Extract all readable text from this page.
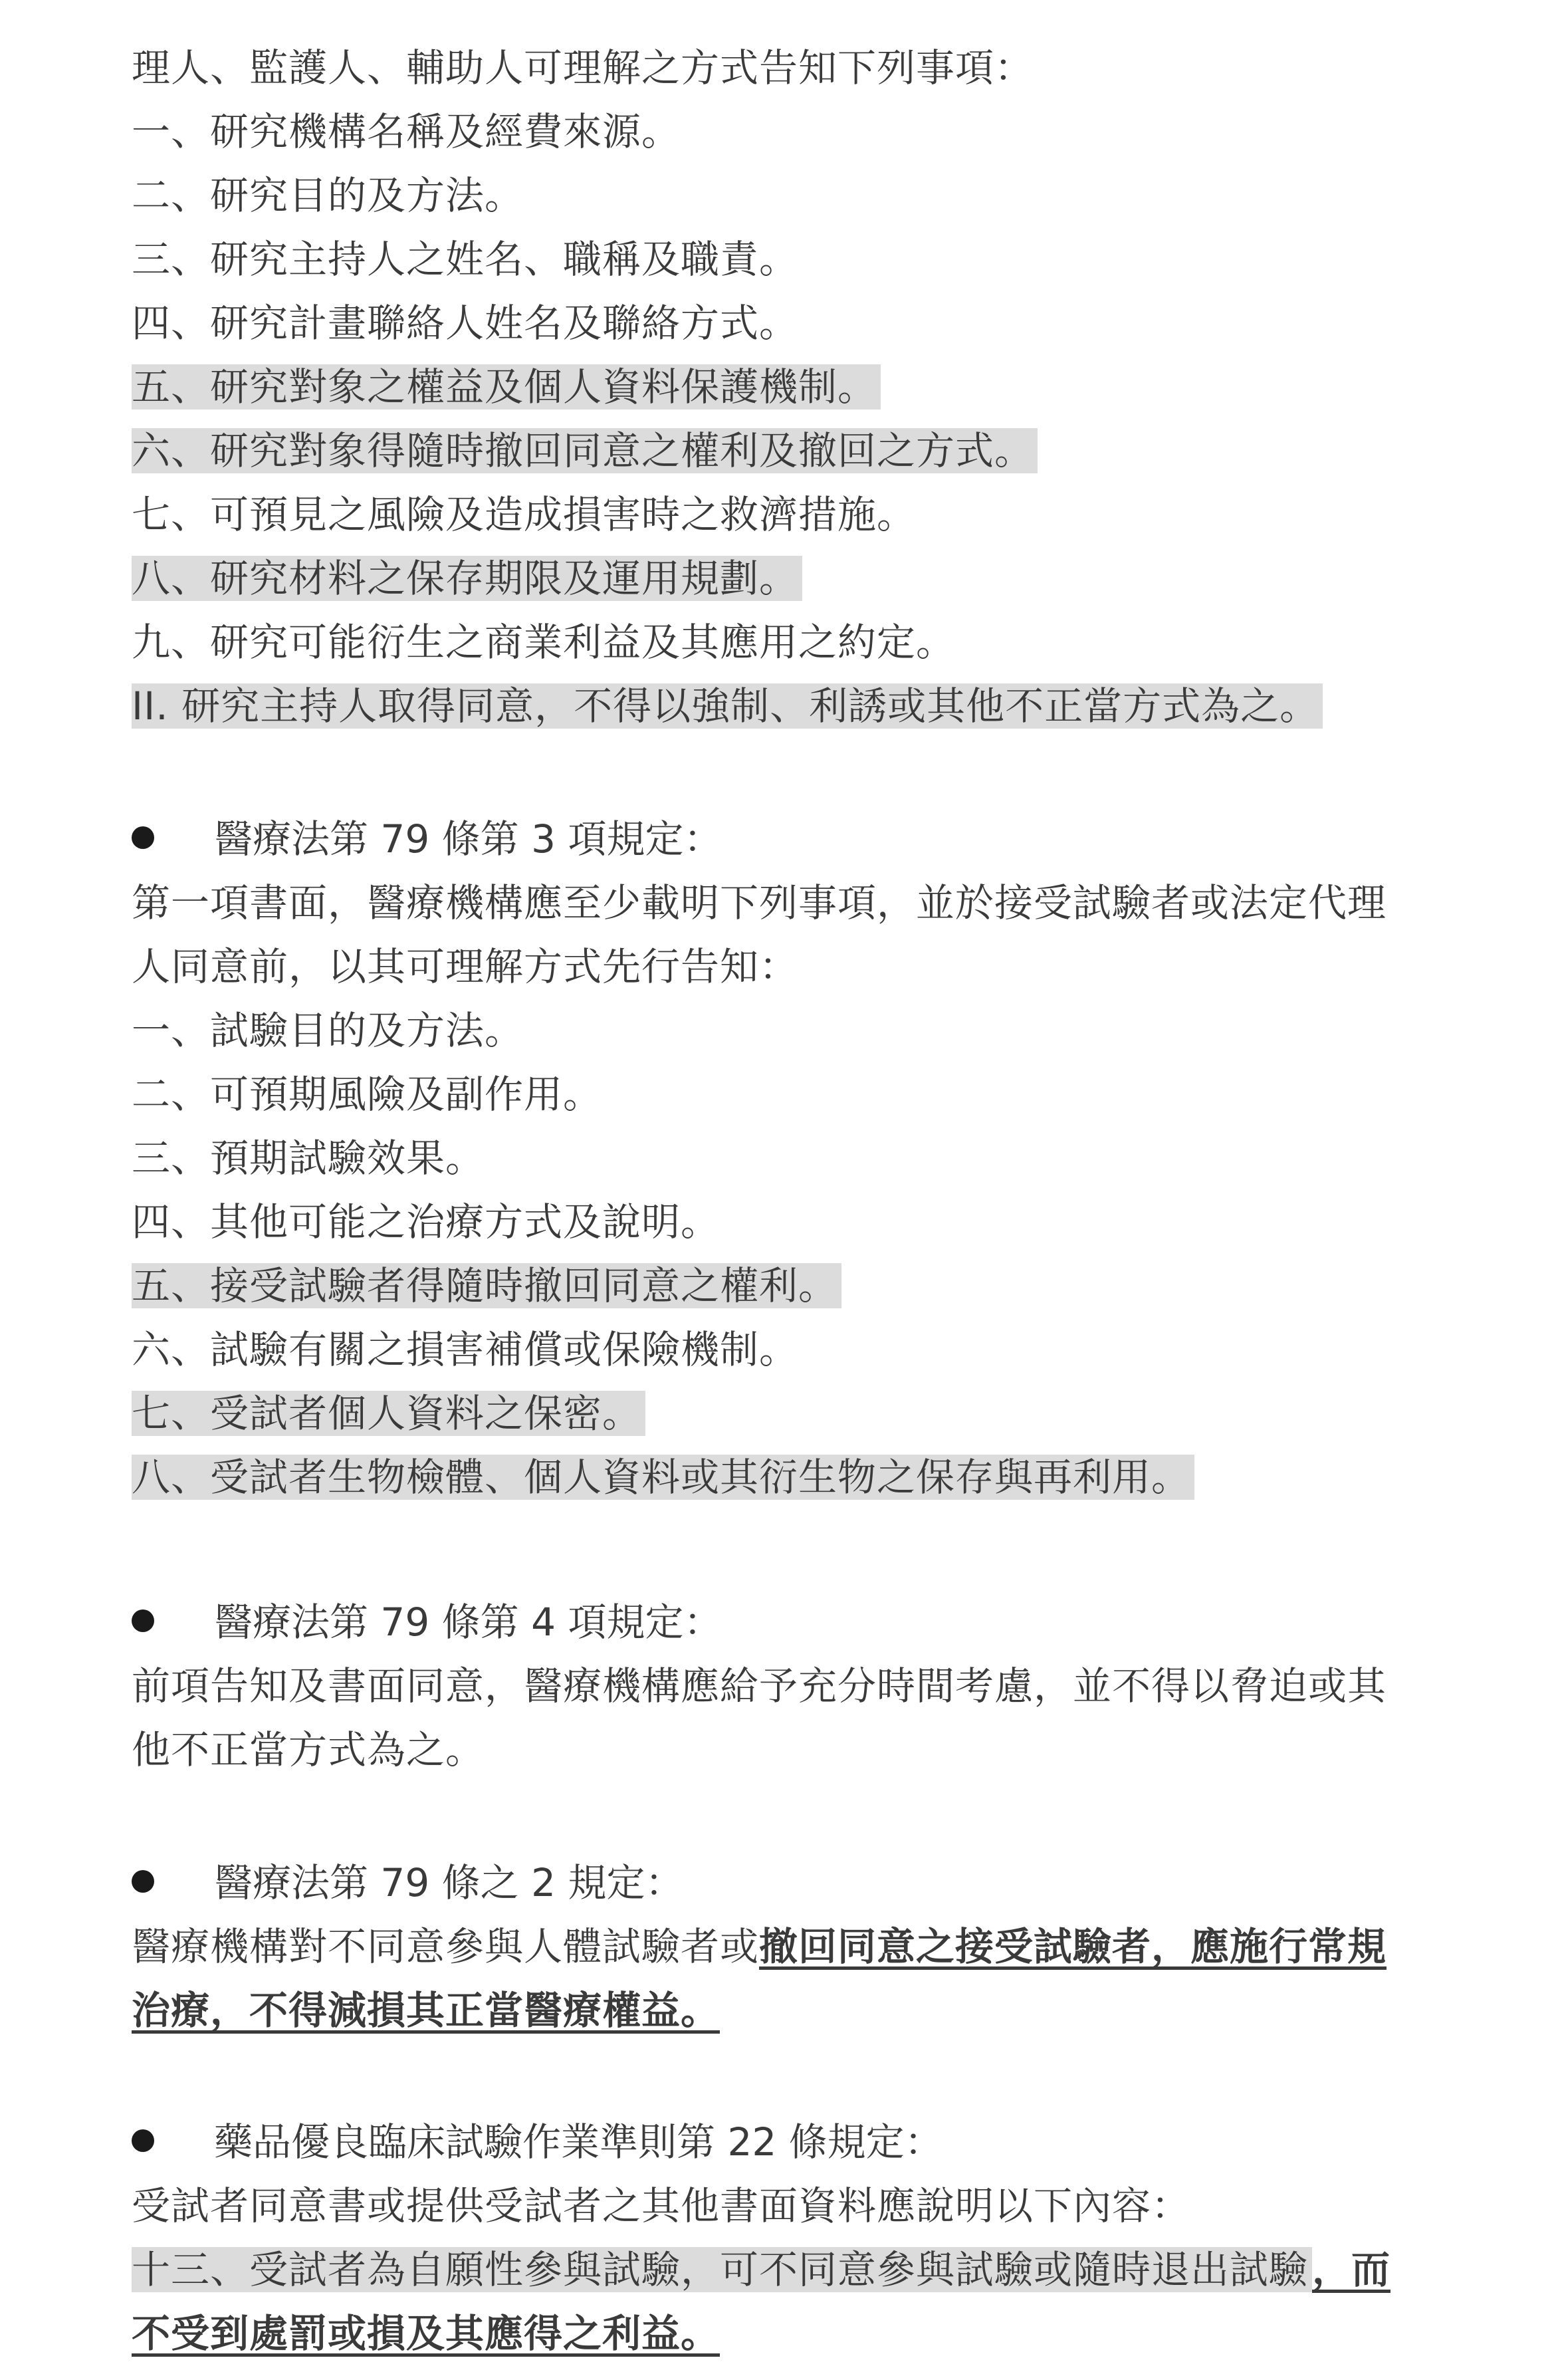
理人、監護人、輔助人可理解之方式告知下列事項：
一、研究機構名稱及經費來源。
二、研究目的及方法。
三、研究主持人之姓名、職稱及職責。
四、研究計畫聯絡人姓名及聯絡方式。
五、研究對象之權益及個人資料保護機制。
六、研究對象得隨時撤回同意之權利及撤回之方式。
七、可預見之風險及造成損害時之救濟措施。
八、研究材料之保存期限及運用規劃。
九、研究可能衍生之商業利益及其應用之約定。
II. 研究主持人取得同意，不得以強制、利誘或其他不正當方式為之。
醫療法第 79 條第 3 項規定：
第一項書面，醫療機構應至少載明下列事項，並於接受試驗者或法定代理
人同意前，以其可理解方式先行告知：
一、試驗目的及方法。
二、可預期風險及副作用。
三、預期試驗效果。
四、其他可能之治療方式及說明。
五、接受試驗者得隨時撤回同意之權利。
六、試驗有關之損害補償或保險機制。
七、受試者個人資料之保密。
八、受試者生物檢體、個人資料或其衍生物之保存與再利用。
醫療法第 79 條第 4 項規定：
前項告知及書面同意，醫療機構應給予充分時間考慮，並不得以脅迫或其
他不正當方式為之。
醫療法第 79 條之 2 規定：
醫療機構對不同意參與人體試驗者或撤回同意之接受試驗者，應施行常規
治療，不得減損其正當醫療權益。
藥品優良臨床試驗作業準則第 22 條規定：
受試者同意書或提供受試者之其他書面資料應說明以下內容：
十三、受試者為自願性參與試驗，可不同意參與試驗或隨時退出試驗 ，而
不受到處罰或損及其應得之利益。
